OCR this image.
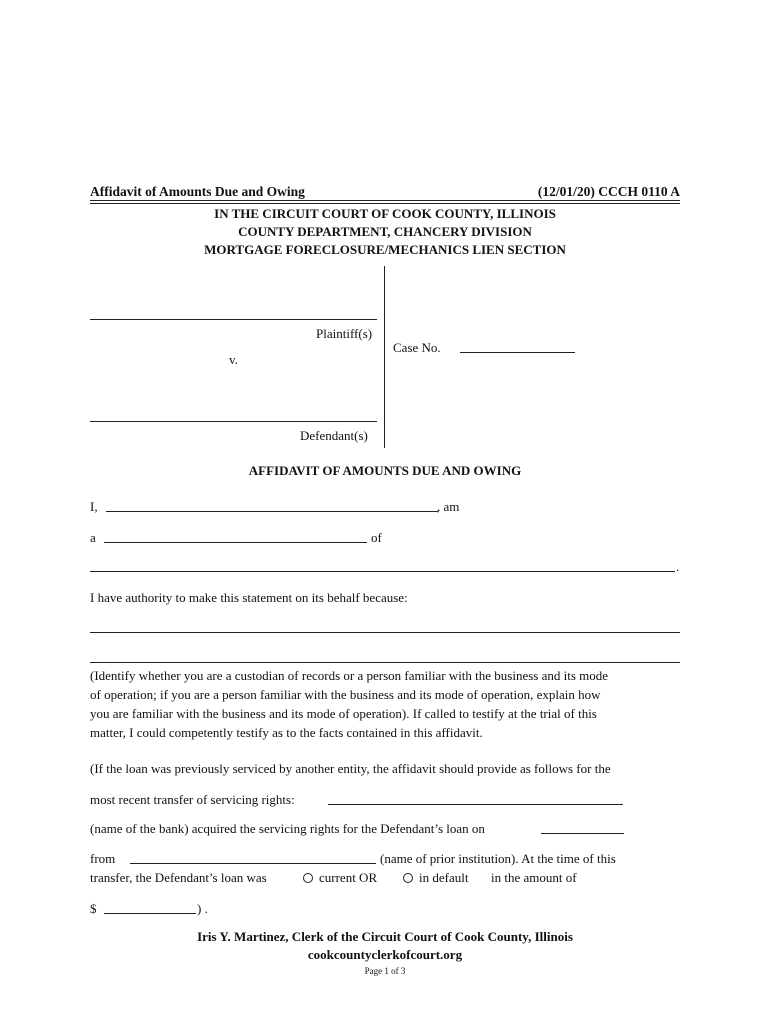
Affidavit of Amounts Due and Owing	(12/01/20) CCCH 0110 A
IN THE CIRCUIT COURT OF COOK COUNTY, ILLINOIS
COUNTY DEPARTMENT, CHANCERY DIVISION
MORTGAGE FORECLOSURE/MECHANICS LIEN SECTION
Plaintiff(s)
v.
Defendant(s)
Case No.
AFFIDAVIT OF AMOUNTS DUE AND OWING
I,	, am
a	of
.
I have authority to make this statement on its behalf because:
(Identify whether you are a custodian of records or a person familiar with the business and its mode
of operation; if you are a person familiar with the business and its mode of operation, explain how
you are familiar with the business and its mode of operation). If called to testify at the trial of this
matter, I could competently testify as to the facts contained in this affidavit.
(If the loan was previously serviced by another entity, the affidavit should provide as follows for the
most recent transfer of servicing rights:
(name of the bank) acquired the servicing rights for the Defendant’s loan on
from	(name of prior institution). At the time of this
transfer, the Defendant’s loan was	current OR	in default in the amount of
$	) .
Iris Y. Martinez, Clerk of the Circuit Court of Cook County, Illinois
cookcountyclerkofcourt.org
Page 1 of 3
